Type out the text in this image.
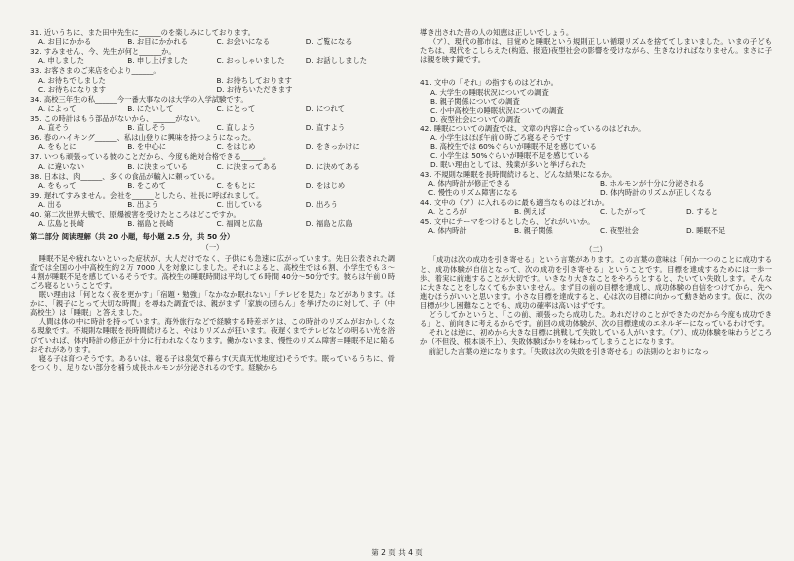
31. 近いうちに、また田中先生に______のを楽しみにしております。

A. お目にかかる	B. お目にかかれる	C. お会いになる	D. ご覧になる

32. すみません、今、先生が何と______か。

A. 申しました	B. 申し上げました	C. おっしゃいました	D. お話ししました

33. お客さまのご来店を心より______。

A. お待ちでしました	B. お待ちしております
C. お待ちになります	D. お待ちいただきます

34. 高校三年生の私______今一番大事なのは大学の入学試験です。

A. によって	B. にたいして	C. にとって	D. につれて

35. この時計はもう部品がないから、______がない。

A. 直そう	B. 直しそう	C. 直しよう	D. 直すよう

36. 春のハイキング______、私は山登りに興味を持つようになった。

A. をもとに	B. を中心に	C. をはじめ	D. をきっかけに

37. いつも頑張っている彼のことだから、今度も絶対合格できる______。

A. に違いない	B. に決まっている	C. に決まってある	D. に決めてある

38. 日本は、肉______、多くの食品が輸入に頼っている。

A. をもって	B. をこめて	C. をもとに	D. をはじめ

39. 遅れてすみません。会社を______としたら、社長に呼ばれまして。

A. 出る	B. 出よう	C. 出している	D. 出ろう

40. 第二次世界大戦で、原爆被害を受けたところはどこですか。

A. 広島と長崎	B. 福島と長崎	C. 福岡と広島	D. 福島と広島

第二部分 阅读理解（共 20 小题，每小题 2.5 分，共 50 分）

（一）

睡眠不足や疲れないといった症状が、大人だけでなく、子供にも急速に広がっています。先日公表された調査では全国の小中高校生約２万 7000 人を対象にしました。それによると、高校生では６割、小学生でも３〜４割が睡眠不足を感じているそうです。高校生の睡眠時間は平均して６時間 40分〜50分です。彼らは午前０時ごろ寝るということです。

眠い理由は「何となく夜を更かす」「宿題・勉強」「なかなか眠れない」「テレビを見た」などがあります。ほかに、「親子にとって大切な時間」を尋ねた調査では、親がまず「家族の団らん」を挙げたのに対して、子（中高校生）は「睡眠」と答えました。

人間は体の中に時計を持っています。海外旅行などで経験する時差ボケは、この時計のリズムがおかしくなる現象です。不規則な睡眠を長時間続けると、やはりリズムが狂います。夜遅くまでテレビなどの明るい光を浴びていれば、体内時計の修正が十分に行われなくなります。働かないまま、慢性のリズム障害＝睡眠不足に陥るおそれがあります。

寝る子は育つそうです。あるいは、寝る子は泉気で暮らす(天真无忧地度过)そうです。眠っているうちに、骨をつくり、足りない部分を補う成長ホルモンが分泌されるのです。経験から

導き出された昔の人の知恵は正しいでしょう。

（ア）、現代の都市は、目覚めと睡眠という規則正しい循環リズムを捨ててしまいました。いまの子どもたちは、現代をこしらえた(构造、报造)夜型社会の影響を受けながら、生きなければなりません。まさに子は親を映す鏡です。

41. 文中の「それ」の指すものはどれか。

A. 大学生の睡眠状況についての調査

B. 親子関係についての調査

C. 小中高校生の睡眠状況についての調査

D. 夜型社会についての調査

42. 睡眠についての調査では、文章の内容に合っているのはどれか。

A. 小学生はほぼ午前０時ごろ寝るそうです

B. 高校生では 60%ぐらいが睡眠不足を感じている

C. 小学生は 50%ぐらいが睡眠不足を感じている

D. 眠い理由としては、残業が多いと挙げられた

43. 不規則な睡眠を長時間続けると、どんな結果になるか。

A. 体内時計が修正できる	B. ホルモンが十分に分泌される
C. 慢性のリズム障害になる	D. 体内時計のリズムが正しくなる

44. 文中の（ア）に入れるのに最も適当なものはどれか。

A. ところが	B. 例えば	C. したがって	D. すると

45. 文中にテーマをつけるとしたら、どれがいいか。

A. 体内時計	B. 親子関係	C. 夜型社会	D. 睡眠不足

（二）

「成功は次の成功を引き寄せる」という言葉があります。この言葉の意味は「何か一つのことに成功すると、成功体験が自信となって、次の成功を引き寄せる」ということです。目標を達成するためには一歩一歩、着実に前進することが大切です。いきなり大きなことをやろうとすると、たいてい失敗します。そんなに大きなことをしなくてもかまいません。まず目の前の目標を達成し、成功体験の自信をつけてから、先へ進むほうがいいと思います。小さな目標を達成すると、心は次の目標に向かって動き始めます。仮に、次の目標が少し困難なことでも、成功の確率は高いはずです。

どうしてかというと、「この前、頑張ったら成功した。あれだけのことができたのだから今度も成功できる」と、前向きに考えるからです。前回の成功体験が、次の目標達成のエネルギーになっているわけです。

それとは逆に、初めから大きな目標に挑戦して失敗している人がいます。（ア）、成功体験を味わうどころか（不但没、根本谈不上）、失敗体験ばかりを味わってしまうことになります。

前記した言葉の逆になります。「失敗は次の失敗を引き寄せる」の法則のとおりになっ

第 2 页 共 4 页
